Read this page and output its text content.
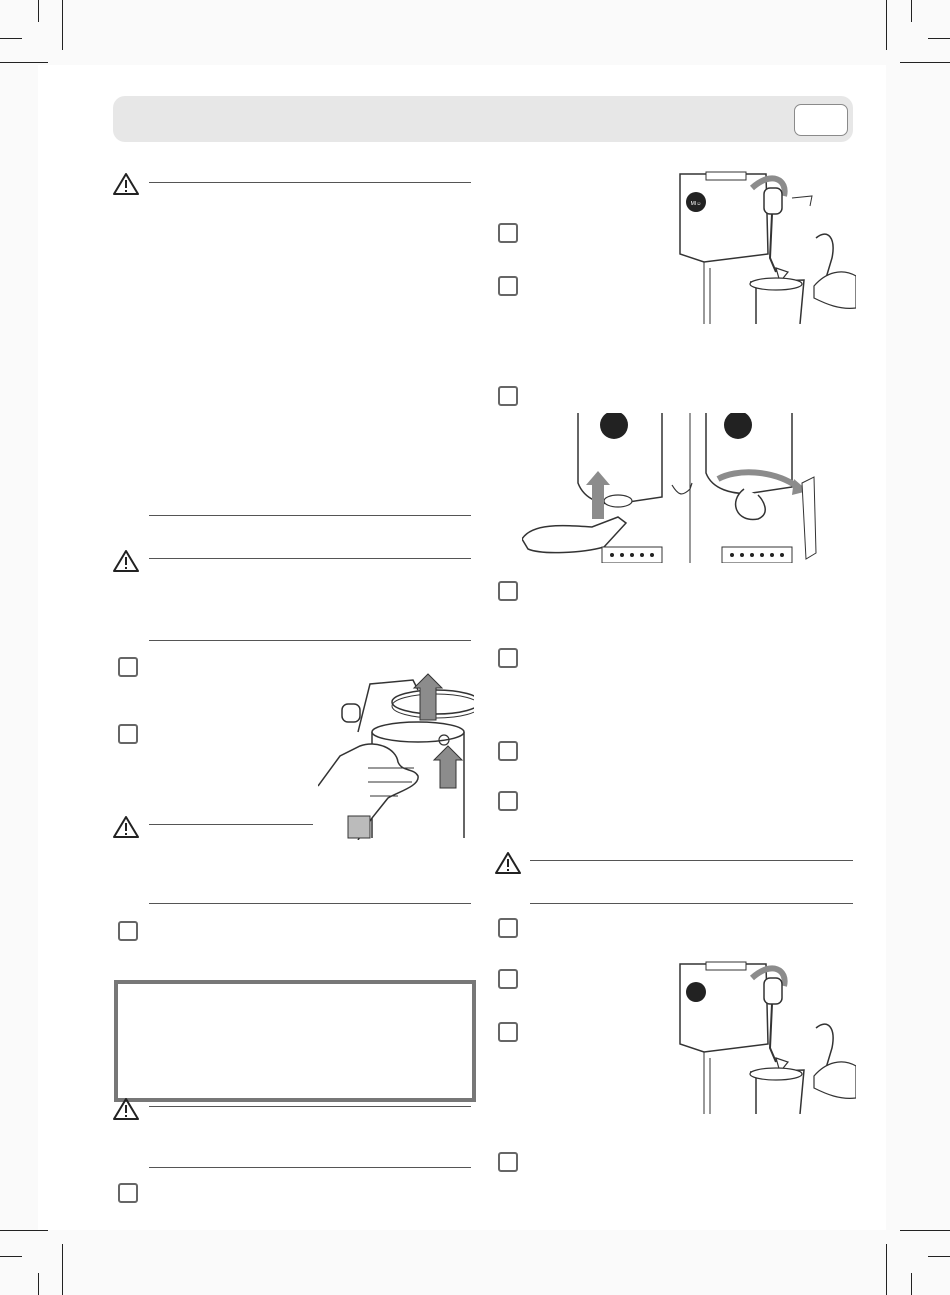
MI☺
